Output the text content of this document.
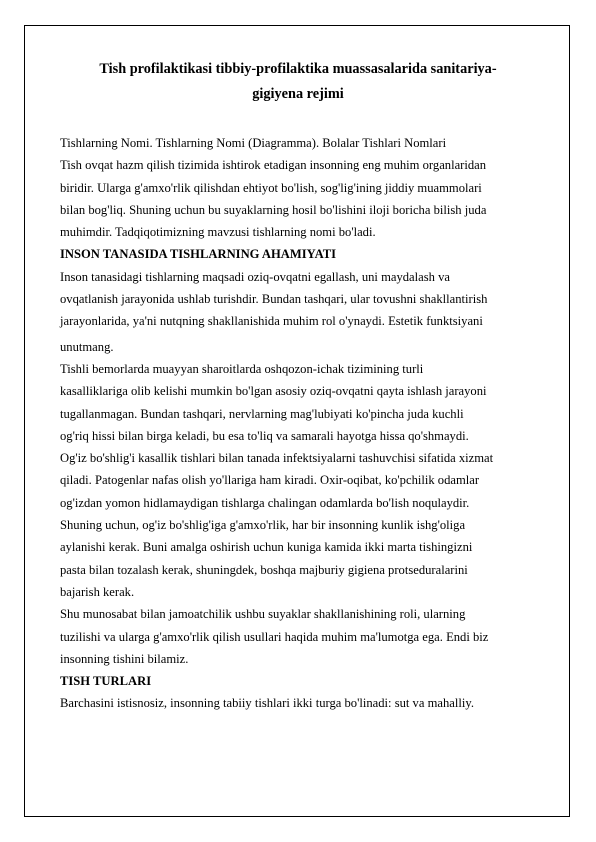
Tish profilaktikasi tibbiy-profilaktika muassasalarida sanitariya-
gigiyena rejimi

Tishlarning Nomi. Tishlarning Nomi (Diagramma). Bolalar Tishlari Nomlari

Tish ovqat hazm qilish tizimida ishtirok etadigan insonning eng muhim organlaridan

biridir. Ularga g'amxo'rlik qilishdan ehtiyot bo'lish, sog'lig'ining jiddiy muammolari

bilan bog'liq. Shuning uchun bu suyaklarning hosil bo'lishini iloji boricha bilish juda

muhimdir. Tadqiqotimizning mavzusi tishlarning nomi bo'ladi.

INSON TANASIDA TISHLARNING AHAMIYATI

Inson tanasidagi tishlarning maqsadi oziq-ovqatni egallash, uni maydalash va

ovqatlanish jarayonida ushlab turishdir. Bundan tashqari, ular tovushni shakllantirish

jarayonlarida, ya'ni nutqning shakllanishida muhim rol o'ynaydi. Estetik funktsiyani

unutmang.

Tishli bemorlarda muayyan sharoitlarda oshqozon-ichak tizimining turli

kasalliklariga olib kelishi mumkin bo'lgan asosiy oziq-ovqatni qayta ishlash jarayoni

tugallanmagan. Bundan tashqari, nervlarning mag'lubiyati ko'pincha juda kuchli

og'riq hissi bilan birga keladi, bu esa to'liq va samarali hayotga hissa qo'shmaydi.

Og'iz bo'shlig'i kasallik tishlari bilan tanada infektsiyalarni tashuvchisi sifatida xizmat

qiladi. Patogenlar nafas olish yo'llariga ham kiradi. Oxir-oqibat, ko'pchilik odamlar

og'izdan yomon hidlamaydigan tishlarga chalingan odamlarda bo'lish noqulaydir.

Shuning uchun, og'iz bo'shlig'iga g'amxo'rlik, har bir insonning kunlik ishg'oliga

aylanishi kerak. Buni amalga oshirish uchun kuniga kamida ikki marta tishingizni

pasta bilan tozalash kerak, shuningdek, boshqa majburiy gigiena protseduralarini

bajarish kerak.

Shu munosabat bilan jamoatchilik ushbu suyaklar shakllanishining roli, ularning

tuzilishi va ularga g'amxo'rlik qilish usullari haqida muhim ma'lumotga ega. Endi biz

insonning tishini bilamiz.

TISH TURLARI

Barchasini istisnosiz, insonning tabiiy tishlari ikki turga bo'linadi: sut va mahalliy.
